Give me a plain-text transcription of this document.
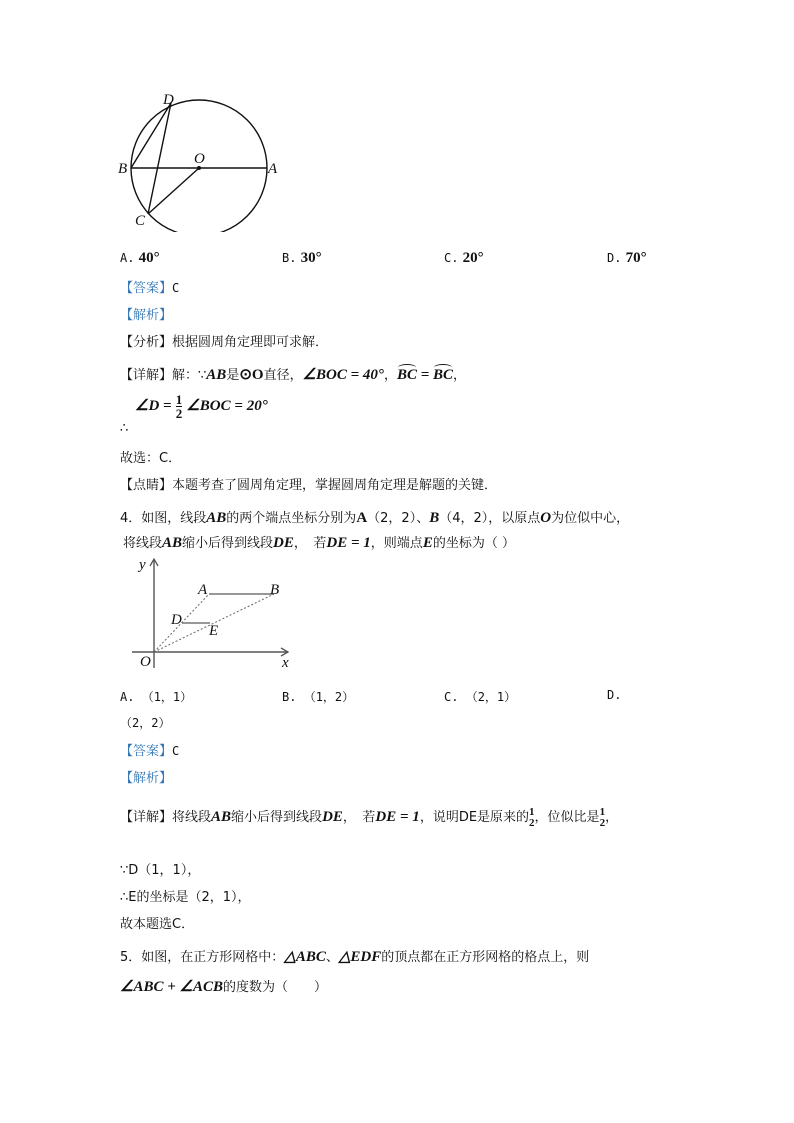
D
B
O
A
C
A. 40°	B. 30°	C. 20°	D. 70°
【答案】C
【解析】
【分析】根据圆周角定理即可求解．
【详解】解：∵AB是⊙O直径，∠BOC = 40°，BC = BC，
∠D = $\frac{1}{2}$ ∠BOC = 20°
∴
故选：C．
【点睛】本题考查了圆周角定理，掌握圆周角定理是解题的关键．
4．如图，线段AB的两个端点坐标分别为A（2，2）、B（4，2），以原点O为位似中心，
将线段AB缩小后得到线段DE，　若DE = 1，则端点E的坐标为（ ）
y
x
O
A	B
D
E
A. （1，1）	B. （1，2）	C. （2，1）	D.
（2，2）
【答案】C
【解析】
【详解】将线段AB缩小后得到线段DE，　若DE = 1，说明DE是原来的 1
2 ，位似比是 1
2 ，
∵D（1，1），
∴E的坐标是（2，1），
故本题选C．
5．如图，在正方形网格中：△ABC、△EDF的顶点都在正方形网格的格点上，则
∠ABC + ∠ACB的度数为（　　）
